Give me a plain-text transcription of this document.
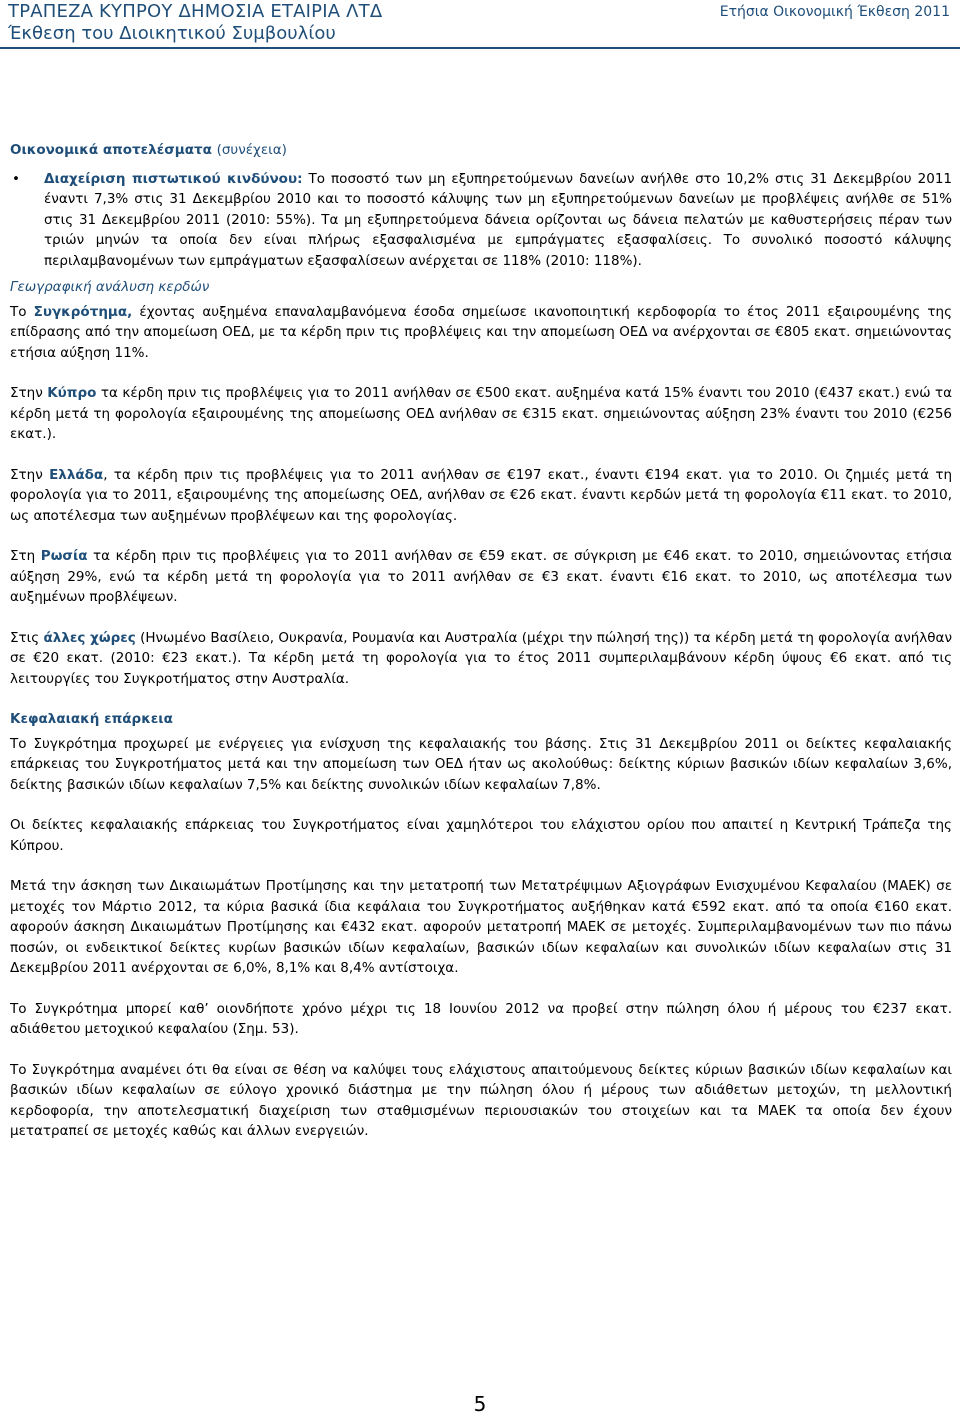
ΤΡΑΠΕΖΑ ΚΥΠΡΟΥ ΔΗΜΟΣΙΑ ΕΤΑΙΡΙΑ ΛΤΔ
Έκθεση του Διοικητικού Συμβουλίου
Ετήσια Οικονομική Έκθεση 2011

Οικονομικά αποτελέσματα (συνέχεια)

• Διαχείριση πιστωτικού κινδύνου: Το ποσοστό των μη εξυπηρετούμενων δανείων ανήλθε στο 10,2% στις 31 Δεκεμβρίου 2011 έναντι 7,3% στις 31 Δεκεμβρίου 2010 και το ποσοστό κάλυψης των μη εξυπηρετούμενων δανείων με προβλέψεις ανήλθε σε 51% στις 31 Δεκεμβρίου 2011 (2010: 55%). Τα μη εξυπηρετούμενα δάνεια ορίζονται ως δάνεια πελατών με καθυστερήσεις πέραν των τριών μηνών τα οποία δεν είναι πλήρως εξασφαλισμένα με εμπράγματες εξασφαλίσεις. Το συνολικό ποσοστό κάλυψης περιλαμβανομένων των εμπράγματων εξασφαλίσεων ανέρχεται σε 118% (2010: 118%).

Γεωγραφική ανάλυση κερδών

Το Συγκρότημα, έχοντας αυξημένα επαναλαμβανόμενα έσοδα σημείωσε ικανοποιητική κερδοφορία το έτος 2011 εξαιρουμένης της επίδρασης από την απομείωση ΟΕΔ, με τα κέρδη πριν τις προβλέψεις και την απομείωση ΟΕΔ να ανέρχονται σε €805 εκατ. σημειώνοντας ετήσια αύξηση 11%.

Στην Κύπρο τα κέρδη πριν τις προβλέψεις για το 2011 ανήλθαν σε €500 εκατ. αυξημένα κατά 15% έναντι του 2010 (€437 εκατ.) ενώ τα κέρδη μετά τη φορολογία εξαιρουμένης της απομείωσης ΟΕΔ ανήλθαν σε €315 εκατ. σημειώνοντας αύξηση 23% έναντι του 2010 (€256 εκατ.).

Στην Ελλάδα, τα κέρδη πριν τις προβλέψεις για το 2011 ανήλθαν σε €197 εκατ., έναντι €194 εκατ. για το 2010. Οι ζημιές μετά τη φορολογία για το 2011, εξαιρουμένης της απομείωσης ΟΕΔ, ανήλθαν σε €26 εκατ. έναντι κερδών μετά τη φορολογία €11 εκατ. το 2010, ως αποτέλεσμα των αυξημένων προβλέψεων και της φορολογίας.

Στη Ρωσία τα κέρδη πριν τις προβλέψεις για το 2011 ανήλθαν σε €59 εκατ. σε σύγκριση με €46 εκατ. το 2010, σημειώνοντας ετήσια αύξηση 29%, ενώ τα κέρδη μετά τη φορολογία για το 2011 ανήλθαν σε €3 εκατ. έναντι €16 εκατ. το 2010, ως αποτέλεσμα των αυξημένων προβλέψεων.

Στις άλλες χώρες (Ηνωμένο Βασίλειο, Ουκρανία, Ρουμανία και Αυστραλία (μέχρι την πώλησή της)) τα κέρδη μετά τη φορολογία ανήλθαν σε €20 εκατ. (2010: €23 εκατ.). Τα κέρδη μετά τη φορολογία για το έτος 2011 συμπεριλαμβάνουν κέρδη ύψους €6 εκατ. από τις λειτουργίες του Συγκροτήματος στην Αυστραλία.

Κεφαλαιακή επάρκεια

Το Συγκρότημα προχωρεί με ενέργειες για ενίσχυση της κεφαλαιακής του βάσης. Στις 31 Δεκεμβρίου 2011 οι δείκτες κεφαλαιακής επάρκειας του Συγκροτήματος μετά και την απομείωση των ΟΕΔ ήταν ως ακολούθως: δείκτης κύριων βασικών ιδίων κεφαλαίων 3,6%, δείκτης βασικών ιδίων κεφαλαίων 7,5% και δείκτης συνολικών ιδίων κεφαλαίων 7,8%.

Οι δείκτες κεφαλαιακής επάρκειας του Συγκροτήματος είναι χαμηλότεροι του ελάχιστου ορίου που απαιτεί η Κεντρική Τράπεζα της Κύπρου.

Μετά την άσκηση των Δικαιωμάτων Προτίμησης και την μετατροπή των Μετατρέψιμων Αξιογράφων Ενισχυμένου Κεφαλαίου (ΜΑΕΚ) σε μετοχές τον Μάρτιο 2012, τα κύρια βασικά ίδια κεφάλαια του Συγκροτήματος αυξήθηκαν κατά €592 εκατ. από τα οποία €160 εκατ. αφορούν άσκηση Δικαιωμάτων Προτίμησης και €432 εκατ. αφορούν μετατροπή ΜΑΕΚ σε μετοχές. Συμπεριλαμβανομένων των πιο πάνω ποσών, οι ενδεικτικοί δείκτες κυρίων βασικών ιδίων κεφαλαίων, βασικών ιδίων κεφαλαίων και συνολικών ιδίων κεφαλαίων στις 31 Δεκεμβρίου 2011 ανέρχονται σε 6,0%, 8,1% και 8,4% αντίστοιχα.

Το Συγκρότημα μπορεί καθ’ οιονδήποτε χρόνο μέχρι τις 18 Ιουνίου 2012 να προβεί στην πώληση όλου ή μέρους του €237 εκατ. αδιάθετου μετοχικού κεφαλαίου (Σημ. 53).

Το Συγκρότημα αναμένει ότι θα είναι σε θέση να καλύψει τους ελάχιστους απαιτούμενους δείκτες κύριων βασικών ιδίων κεφαλαίων και βασικών ιδίων κεφαλαίων σε εύλογο χρονικό διάστημα με την πώληση όλου ή μέρους των αδιάθετων μετοχών, τη μελλοντική κερδοφορία, την αποτελεσματική διαχείριση των σταθμισμένων περιουσιακών του στοιχείων και τα ΜΑΕΚ τα οποία δεν έχουν μετατραπεί σε μετοχές καθώς και άλλων ενεργειών.

5
